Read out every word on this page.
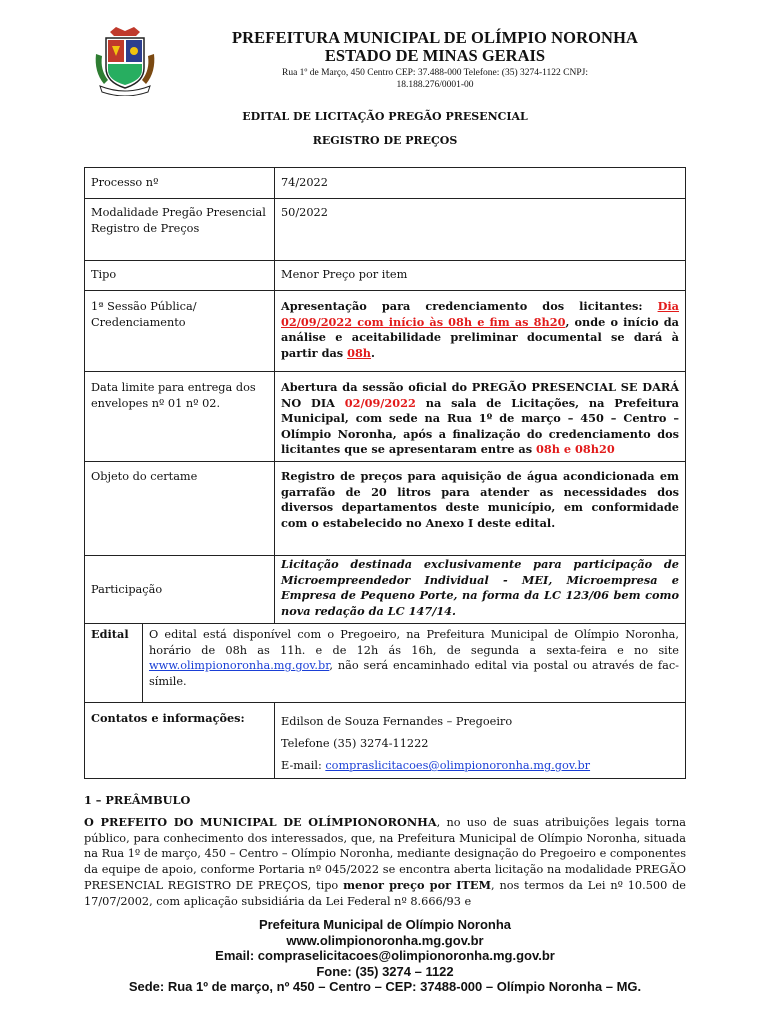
PREFEITURA MUNICIPAL DE OLÍMPIO NORONHA
ESTADO DE MINAS GERAIS
Rua 1º de Março, 450 Centro CEP: 37.488-000 Telefone: (35) 3274-1122 CNPJ:
18.188.276/0001-00
EDITAL DE LICITAÇÃO PREGÃO PRESENCIAL
REGISTRO DE PREÇOS
Processo nº	74/2022
Modalidade Pregão Presencial Registro de Preços	50/2022
Tipo	Menor Preço por item
1ª Sessão Pública/ Credenciamento	Apresentação para credenciamento dos licitantes: Dia 02/09/2022 com início às 08h e fim as 8h20, onde o início da análise e aceitabilidade preliminar documental se dará à partir das 08h.
Data limite para entrega dos envelopes nº 01 nº 02.	Abertura da sessão oficial do PREGÃO PRESENCIAL SE DARÁ NO DIA 02/09/2022 na sala de Licitações, na Prefeitura Municipal, com sede na Rua 1º de março – 450 – Centro – Olímpio Noronha, após a finalização do credenciamento dos licitantes que se apresentaram entre as 08h e 08h20
Objeto do certame	Registro de preços para aquisição de água acondicionada em garrafão de 20 litros para atender as necessidades dos diversos departamentos deste município, em conformidade com o estabelecido no Anexo I deste edital.
Participação	Licitação destinada exclusivamente para participação de Microempreendedor Individual - MEI, Microempresa e Empresa de Pequeno Porte, na forma da LC 123/06 bem como nova redação da LC 147/14.

Edital O edital está disponível com o Pregoeiro, na Prefeitura Municipal de Olímpio Noronha, horário de 08h as 11h. e de 12h ás 16h, de segunda a sexta-feira e no site www.olimpionoronha.mg.gov.br, não será encaminhado edital via postal ou através de fac-símile.	

Contatos e informações:	Edilson de Souza Fernandes – Pregoeiro
Telefone (35) 3274-11222
E-mail: compraslicitacoes@olimpionoronha.mg.gov.br
1 – PREÂMBULO
O PREFEITO DO MUNICIPAL DE OLÍMPIONORONHA, no uso de suas atribuições legais torna público, para conhecimento dos interessados, que, na Prefeitura Municipal de Olímpio Noronha, situada na Rua 1º de março, 450 – Centro – Olímpio Noronha, mediante designação do Pregoeiro e componentes da equipe de apoio, conforme Portaria nº 045/2022 se encontra aberta licitação na modalidade PREGÃO PRESENCIAL REGISTRO DE PREÇOS, tipo menor preço por ITEM, nos termos da Lei nº 10.500 de 17/07/2002, com aplicação subsidiária da Lei Federal nº 8.666/93 e
Prefeitura Municipal de Olímpio Noronha
www.olimpionoronha.mg.gov.br
Email: compraselicitacoes@olimpionoronha.mg.gov.br
Fone: (35) 3274 – 1122
Sede: Rua 1º de março, nº 450 – Centro – CEP: 37488-000 – Olímpio Noronha – MG.
